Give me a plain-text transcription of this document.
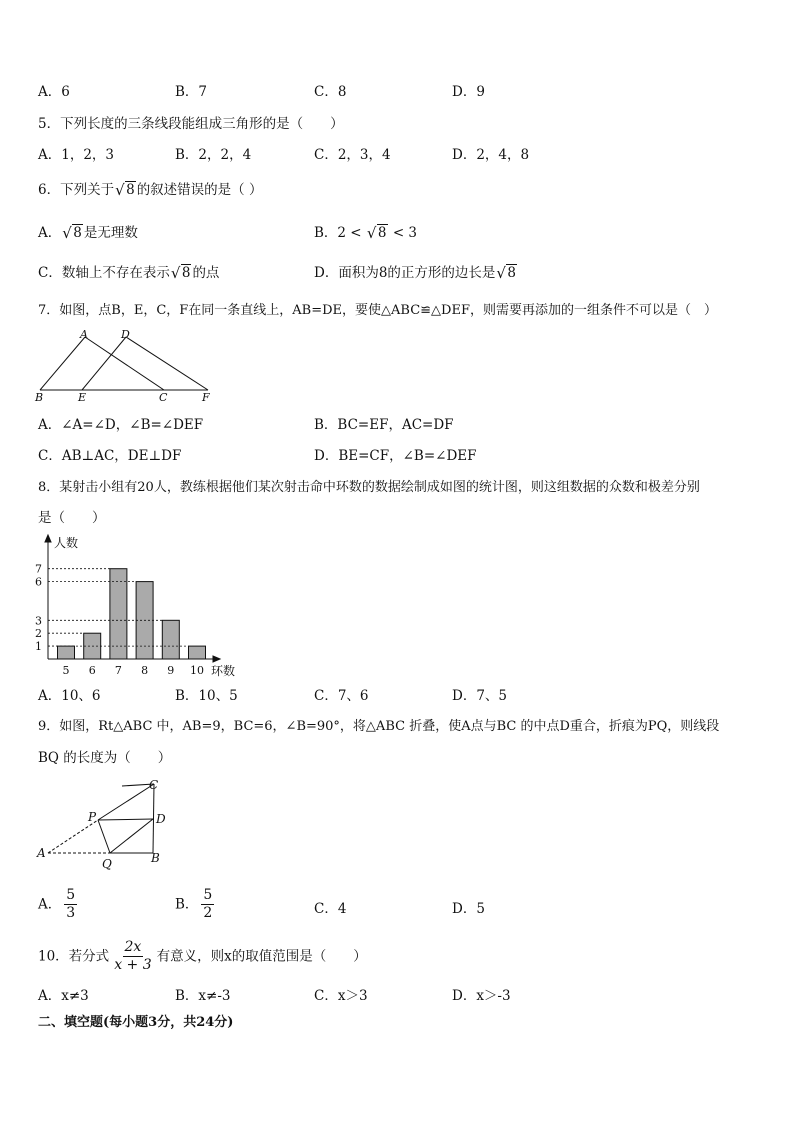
A．6	B．7	C．8	D．9
5．下列长度的三条线段能组成三角形的是（　　）
A．1，2，3	B．2，2，4	C．2，3，4	D．2，4，8
6．下列关于 √ 8 的叙述错误的是（ ）
A． √ 8 是无理数	B．2 < √ 8 < 3
C．数轴上不存在表示 √ 8 的点	D．面积为8的正方形的边长是 √ 8
7．如图，点B，E，C，F在同一条直线上，AB=DE，要使△ABC≌△DEF，则需要再添加的一组条件不可以是（　）
A	D
B	E	C	F
A．∠A=∠D，∠B=∠DEF	B．BC=EF，AC=DF
C．AB⊥AC，DE⊥DF	D．BE=CF，∠B=∠DEF
8．某射击小组有20人，教练根据他们某次射击命中环数的数据绘制成如图的统计图，则这组数据的众数和极差分别
是（　　）
5 6 7 8 9 10
1
2
3
6
7
人数
环数
A．10、6	B．10、5	C．7、6	D．7、5
9．如图，Rt△ABC 中，AB=9，BC=6，∠B=90°，将△ABC 折叠，使A点与BC 的中点D重合，折痕为PQ，则线段
BQ 的长度为（　　）
C
P	D
A
Q	B
A． $\frac{5}{3}$	B． $\frac{5}{2}$	C．4	D．5
10．若分式 $\frac{2x}{x + 3}$ 有意义，则x的取值范围是（　　）
A．x≠3	B．x≠-3	C．x＞3	D．x＞-3
二、填空题(每小题3分，共24分)
